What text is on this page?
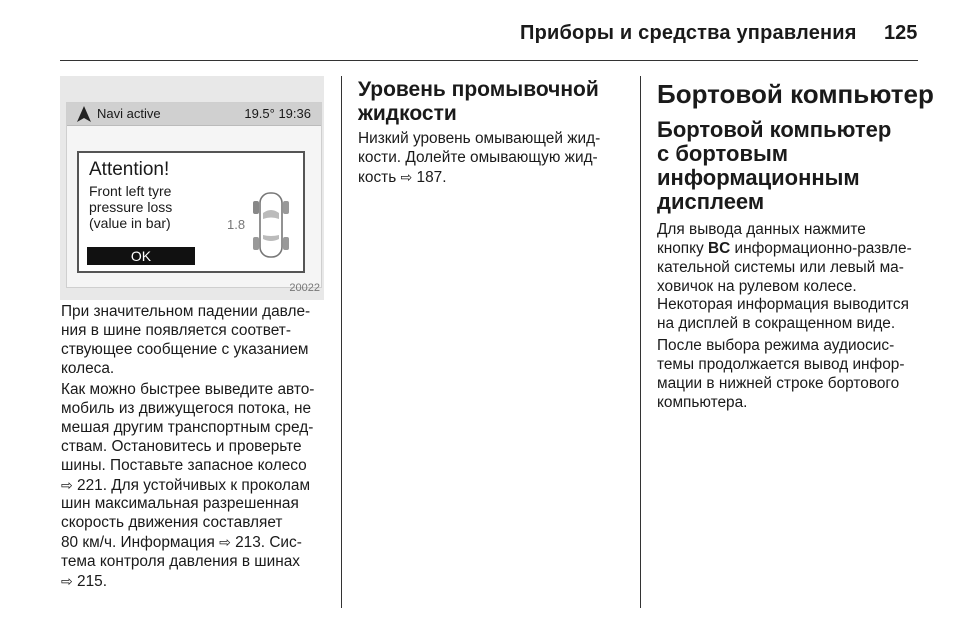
Приборы и средства управления 125
Navi active	19.5° 19:36
Attention!
Front left tyre
pressure loss
(value in bar)
OK
1.8
20022
При значительном падении давле-
ния в шине появляется соответ-
ствующее сообщение с указанием
колеса.
Как можно быстрее выведите авто-
мобиль из движущегося потока, не
мешая другим транспортным сред-
ствам. Остановитесь и проверьте
шины. Поставьте запасное колесо
⇨ 221. Для устойчивых к проколам
шин максимальная разрешенная
скорость движения составляет
80 км/ч. Информация ⇨ 213. Сис-
тема контроля давления в шинах
⇨ 215.
Уровень промывочной
жидкости
Низкий уровень омывающей жид-
кости. Долейте омывающую жид-
кость ⇨ 187.
Бортовой компьютер
Бортовой компьютер
с бортовым
информационным
дисплеем
Для вывода данных нажмите
кнопку BC информационно-развле-
кательной системы или левый ма-
ховичок на рулевом колесе.
Некоторая информация выводится
на дисплей в сокращенном виде.
После выбора режима аудиосис-
темы продолжается вывод инфор-
мации в нижней строке бортового
компьютера.
